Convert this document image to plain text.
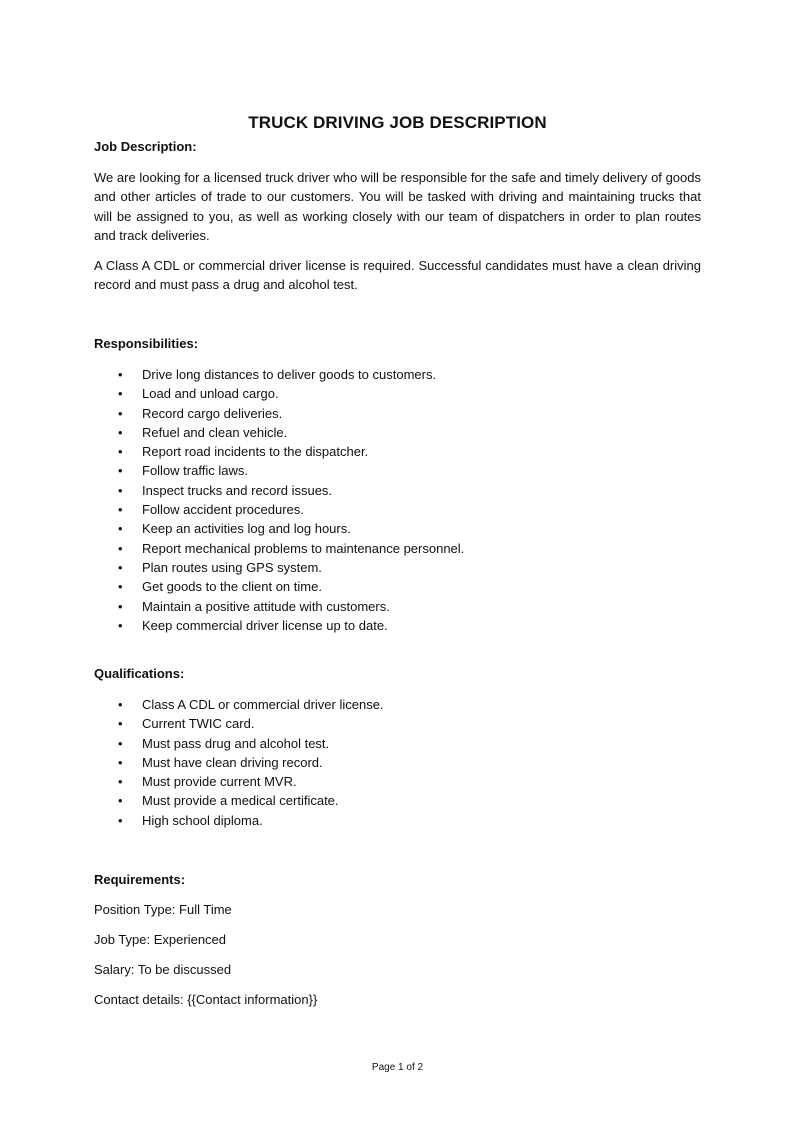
TRUCK DRIVING JOB DESCRIPTION

Job Description:

We are looking for a licensed truck driver who will be responsible for the safe and timely delivery of goods and other articles of trade to our customers. You will be tasked with driving and maintaining trucks that will be assigned to you, as well as working closely with our team of dispatchers in order to plan routes and track deliveries.

A Class A CDL or commercial driver license is required. Successful candidates must have a clean driving record and must pass a drug and alcohol test.

Responsibilities:

• Drive long distances to deliver goods to customers.
• Load and unload cargo.
• Record cargo deliveries.
• Refuel and clean vehicle.
• Report road incidents to the dispatcher.
• Follow traffic laws.
• Inspect trucks and record issues.
• Follow accident procedures.
• Keep an activities log and log hours.
• Report mechanical problems to maintenance personnel.
• Plan routes using GPS system.
• Get goods to the client on time.
• Maintain a positive attitude with customers.
• Keep commercial driver license up to date.

Qualifications:

• Class A CDL or commercial driver license.
• Current TWIC card.
• Must pass drug and alcohol test.
• Must have clean driving record.
• Must provide current MVR.
• Must provide a medical certificate.
• High school diploma.

Requirements:

Position Type: Full Time

Job Type: Experienced

Salary: To be discussed

Contact details: {{Contact information}}

Page 1 of 2
